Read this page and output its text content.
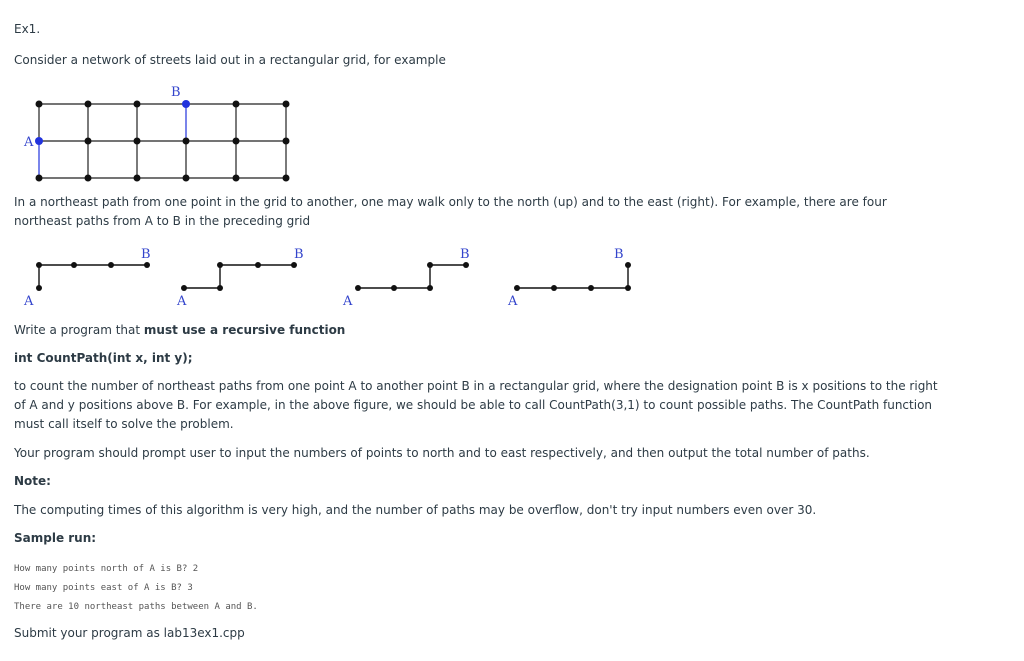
Ex1.
Consider a network of streets laid out in a rectangular grid, for example
A
B
A
B
A
B
A
B
A
B
In a northeast path from one point in the grid to another, one may walk only to the north (up) and to the east (right). For example, there are four northeast paths from A to B in the preceding grid
Write a program that must use a recursive function
int CountPath(int x, int y);
to count the number of northeast paths from one point A to another point B in a rectangular grid, where the designation point B is x positions to the right of A and y positions above B. For example, in the above figure, we should be able to call CountPath(3,1) to count possible paths. The CountPath function must call itself to solve the problem.
Your program should prompt user to input the numbers of points to north and to east respectively, and then output the total number of paths.
Note:
The computing times of this algorithm is very high, and the number of paths may be overflow, don't try input numbers even over 30.
Sample run:
How many points north of A is B? 2
How many points east of A is B? 3
There are 10 northeast paths between A and B.
Submit your program as lab13ex1.cpp
